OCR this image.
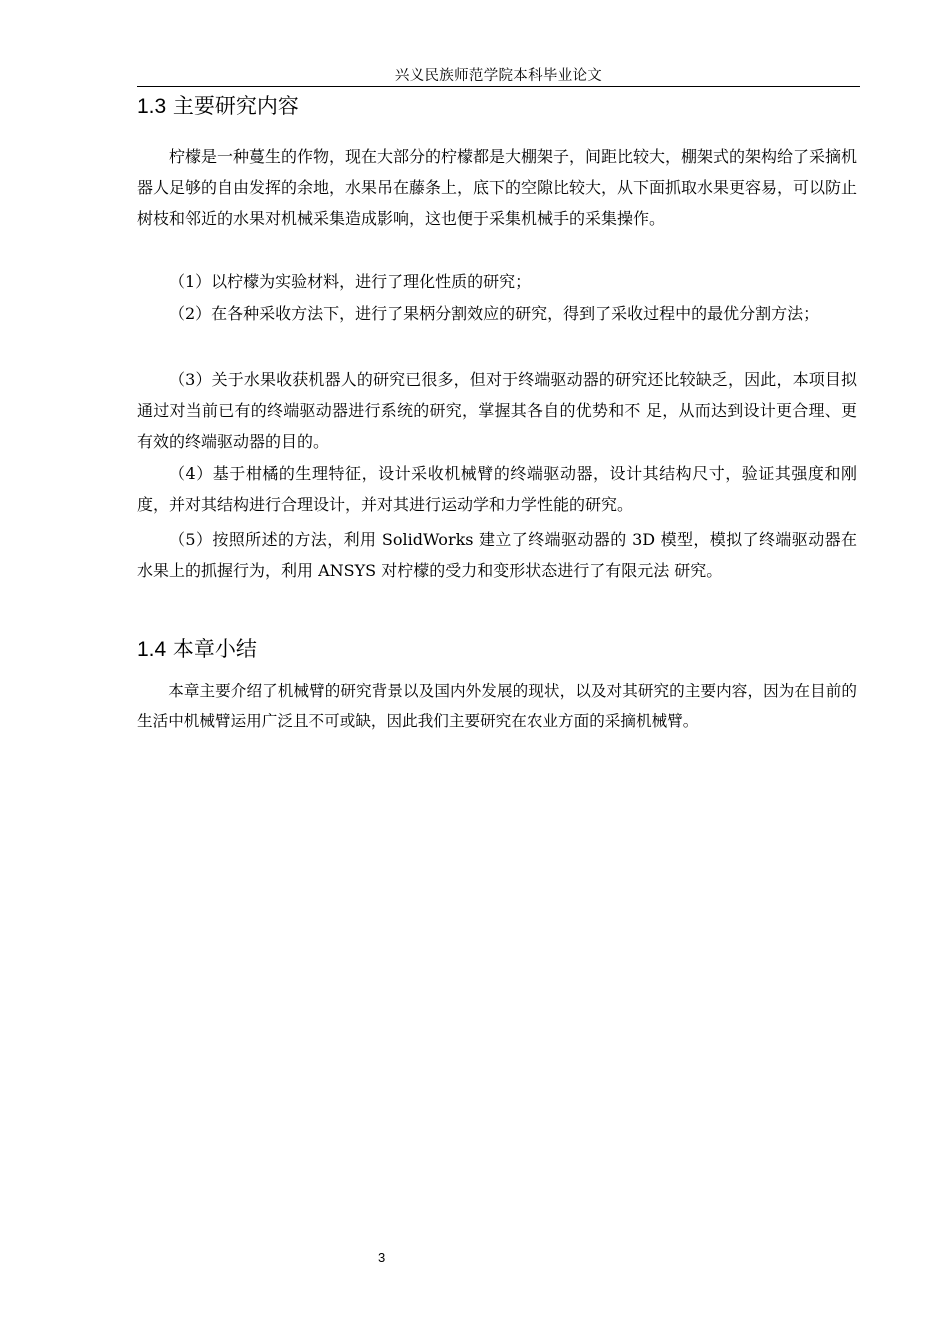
兴义民族师范学院本科毕业论文
1.3 主要研究内容

柠檬是一种蔓生的作物，现在大部分的柠檬都是大棚架子，间距比较大，棚架式的架构给了采摘机器人足够的自由发挥的余地，水果吊在藤条上，底下的空隙比较大，从下面抓取水果更容易，可以防止树枝和邻近的水果对机械采集造成影响，这也便于采集机械手的采集操作。

（1）以柠檬为实验材料，进行了理化性质的研究；

（2）在各种采收方法下，进行了果柄分割效应的研究，得到了采收过程中的最优分割方法；

（3）关于水果收获机器人的研究已很多，但对于终端驱动器的研究还比较缺乏，因此，本项目拟通过对当前已有的终端驱动器进行系统的研究，掌握其各自的优势和不 足，从而达到设计更合理、更有效的终端驱动器的目的。

（4）基于柑橘的生理特征，设计采收机械臂的终端驱动器，设计其结构尺寸，验证其强度和刚度，并对其结构进行合理设计，并对其进行运动学和力学性能的研究。

（5）按照所述的方法，利用 SolidWorks 建立了终端驱动器的 3D 模型，模拟了终端驱动器在水果上的抓握行为，利用 ANSYS 对柠檬的受力和变形状态进行了有限元法 研究。

1.4 本章小结

本章主要介绍了机械臂的研究背景以及国内外发展的现状，以及对其研究的主要内容，因为在目前的生活中机械臂运用广泛且不可或缺，因此我们主要研究在农业方面的采摘机械臂。

3
